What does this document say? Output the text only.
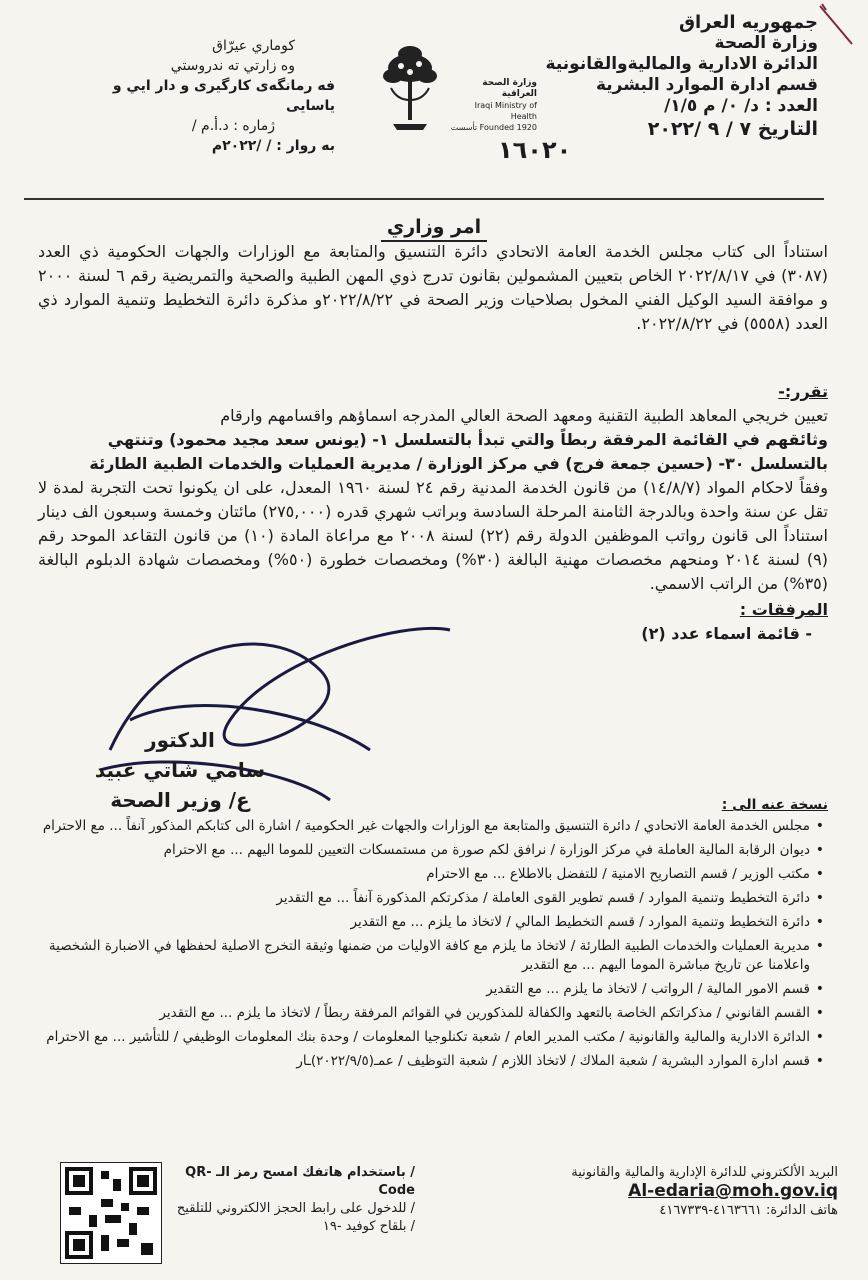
جمهوريه العراق
وزارة الصحة
الدائرة الادارية والماليةوالقانونية
قسم ادارة الموارد البشرية
العدد : د/ ٠/ م ١/٥/
التاريخ ٧ / ٩ /٢٠٢٢
١٦٠٢٠
وزارة الصحة العراقية
Iraqi Ministry of Health
Founded 1920 تأسست
كوماري عيرّاق
وه زارتي ته ندروستي
فه رمانگه‌ى كارگيرى و دار ايي و ياسايى
ژماره : د.أ.م /
به روار : / /٢٠٢٢م
امر وزاري

استناداً الى كتاب مجلس الخدمة العامة الاتحادي دائرة التنسيق والمتابعة مع الوزارات والجهات الحكومية ذي العدد (٣٠٨٧) في ٢٠٢٢/٨/١٧ الخاص بتعيين المشمولين بقانون تدرج ذوي المهن الطبية والصحية والتمريضية رقم ٦ لسنة ٢٠٠٠ و موافقة السيد الوكيل الفني المخول بصلاحيات وزير الصحة في ٢٠٢٢/٨/٢٢و مذكرة دائرة التخطيط وتنمية الموارد ذي العدد (٥٥٥٨) في ٢٠٢٢/٨/٢٢.

تقرر:-
تعيين خريجي المعاهد الطبية التقنية ومعهد الصحة العالي المدرجه اسماؤهم واقسامهم وارقام
وثائقهم في القائمة المرفقة ربطاً والتي تبدأ بالتسلسل ١- (يونس سعد مجيد محمود) وتنتهي
بالتسلسل ٣٠- (حسين جمعة فرج) في مركز الوزارة / مديرية العمليات والخدمات الطبية الطارئة
وفقاً لاحكام المواد (١٤/٨/٧) من قانون الخدمة المدنية رقم ٢٤ لسنة ١٩٦٠ المعدل، على ان يكونوا تحت التجربة لمدة لا تقل عن سنة واحدة وبالدرجة الثامنة المرحلة السادسة وبراتب شهري قدره (٢٧٥,٠٠٠) مائتان وخمسة وسبعون الف دينار استناداً الى قانون رواتب الموظفين الدولة رقم (٢٢) لسنة ٢٠٠٨ مع مراعاة المادة (١٠) من قانون التقاعد الموحد رقم (٩) لسنة ٢٠١٤ ومنحهم مخصصات مهنية البالغة (٣٠%) ومخصصات خطورة (٥٠%) ومخصصات شهادة الدبلوم البالغة (٣٥%) من الراتب الاسمي.
المرفقات :
- قائمة اسماء عدد (٢)
الدكتور
سامي شاتي عبيد
ع/ وزير الصحة	نسخة عنه الى :
• مجلس الخدمة العامة الاتحادي / دائرة التنسيق والمتابعة مع الوزارات والجهات غير الحكومية / اشارة الى كتابكم المذكور آنفاً ... مع الاحترام
• ديوان الرقابة المالية العاملة في مركز الوزارة / نرافق لكم صورة من مستمسكات التعيين للموما اليهم ... مع الاحترام
• مكتب الوزير / قسم التصاريح الامنية / للتفضل بالاطلاع ... مع الاحترام
• دائرة التخطيط وتنمية الموارد / قسم تطوير القوى العاملة / مذكرتكم المذكورة آنفاً ... مع التقدير
• دائرة التخطيط وتنمية الموارد / قسم التخطيط المالي / لاتخاذ ما يلزم ... مع التقدير
• مديرية العمليات والخدمات الطبية الطارئة / لاتخاذ ما يلزم مع كافة الاوليات من ضمنها وثيقة التخرج الاصلية لحفظها في الاضبارة الشخصية واعلامنا عن تاريخ مباشرة الموما اليهم ... مع التقدير
• قسم الامور المالية / الرواتب / لاتخاذ ما يلزم ... مع التقدير
• القسم القانوني / مذكراتكم الخاصة بالتعهد والكفالة للمذكورين في القوائم المرفقة ربطاً / لاتخاذ ما يلزم ... مع التقدير
• الدائرة الادارية والمالية والقانونية / مكتب المدير العام / شعبة تكنلوجيا المعلومات / وحدة بنك المعلومات الوظيفي / للتأشير ... مع الاحترام
• قسم ادارة الموارد البشرية / شعبة الملاك / لاتخاذ اللازم / شعبة التوظيف / عمـ(٢٠٢٢/٩/٥)ـار
البريد الألكتروني للدائرة الإدارية والمالية والقانونية
Al-edaria@moh.gov.iq
هاتف الدائرة: ٤١٦٣٦٦١-٤١٦٧٣٣٩
/ باستخدام هاتفك امسح رمز الـ QR-Code
/ للدخول على رابط الحجز الالكتروني للتلقيح
/ بلقاح كوفيد -١٩
